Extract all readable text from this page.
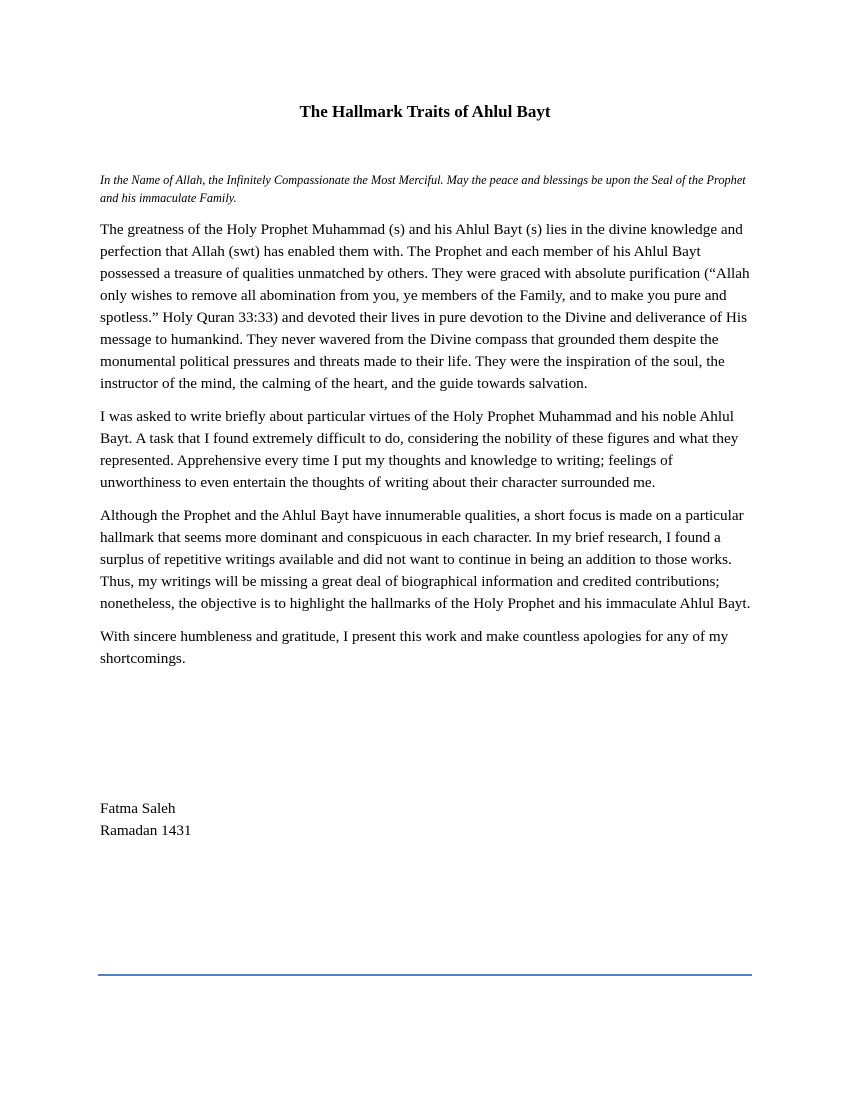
The Hallmark Traits of Ahlul Bayt

In the Name of Allah, the Infinitely Compassionate the Most Merciful. May the peace and blessings be upon the Seal of the Prophet and his immaculate Family.

The greatness of the Holy Prophet Muhammad (s) and his Ahlul Bayt (s) lies in the divine knowledge and perfection that Allah (swt) has enabled them with. The Prophet and each member of his Ahlul Bayt possessed a treasure of qualities unmatched by others. They were graced with absolute purification (“Allah only wishes to remove all abomination from you, ye members of the Family, and to make you pure and spotless.” Holy Quran 33:33) and devoted their lives in pure devotion to the Divine and deliverance of His message to humankind. They never wavered from the Divine compass that grounded them despite the monumental political pressures and threats made to their life. They were the inspiration of the soul, the instructor of the mind, the calming of the heart, and the guide towards salvation.

I was asked to write briefly about particular virtues of the Holy Prophet Muhammad and his noble Ahlul Bayt. A task that I found extremely difficult to do, considering the nobility of these figures and what they represented. Apprehensive every time I put my thoughts and knowledge to writing; feelings of unworthiness to even entertain the thoughts of writing about their character surrounded me.

Although the Prophet and the Ahlul Bayt have innumerable qualities, a short focus is made on a particular hallmark that seems more dominant and conspicuous in each character. In my brief research, I found a surplus of repetitive writings available and did not want to continue in being an addition to those works. Thus, my writings will be missing a great deal of biographical information and credited contributions; nonetheless, the objective is to highlight the hallmarks of the Holy Prophet and his immaculate Ahlul Bayt.

With sincere humbleness and gratitude, I present this work and make countless apologies for any of my shortcomings.

Fatma Saleh
Ramadan 1431
